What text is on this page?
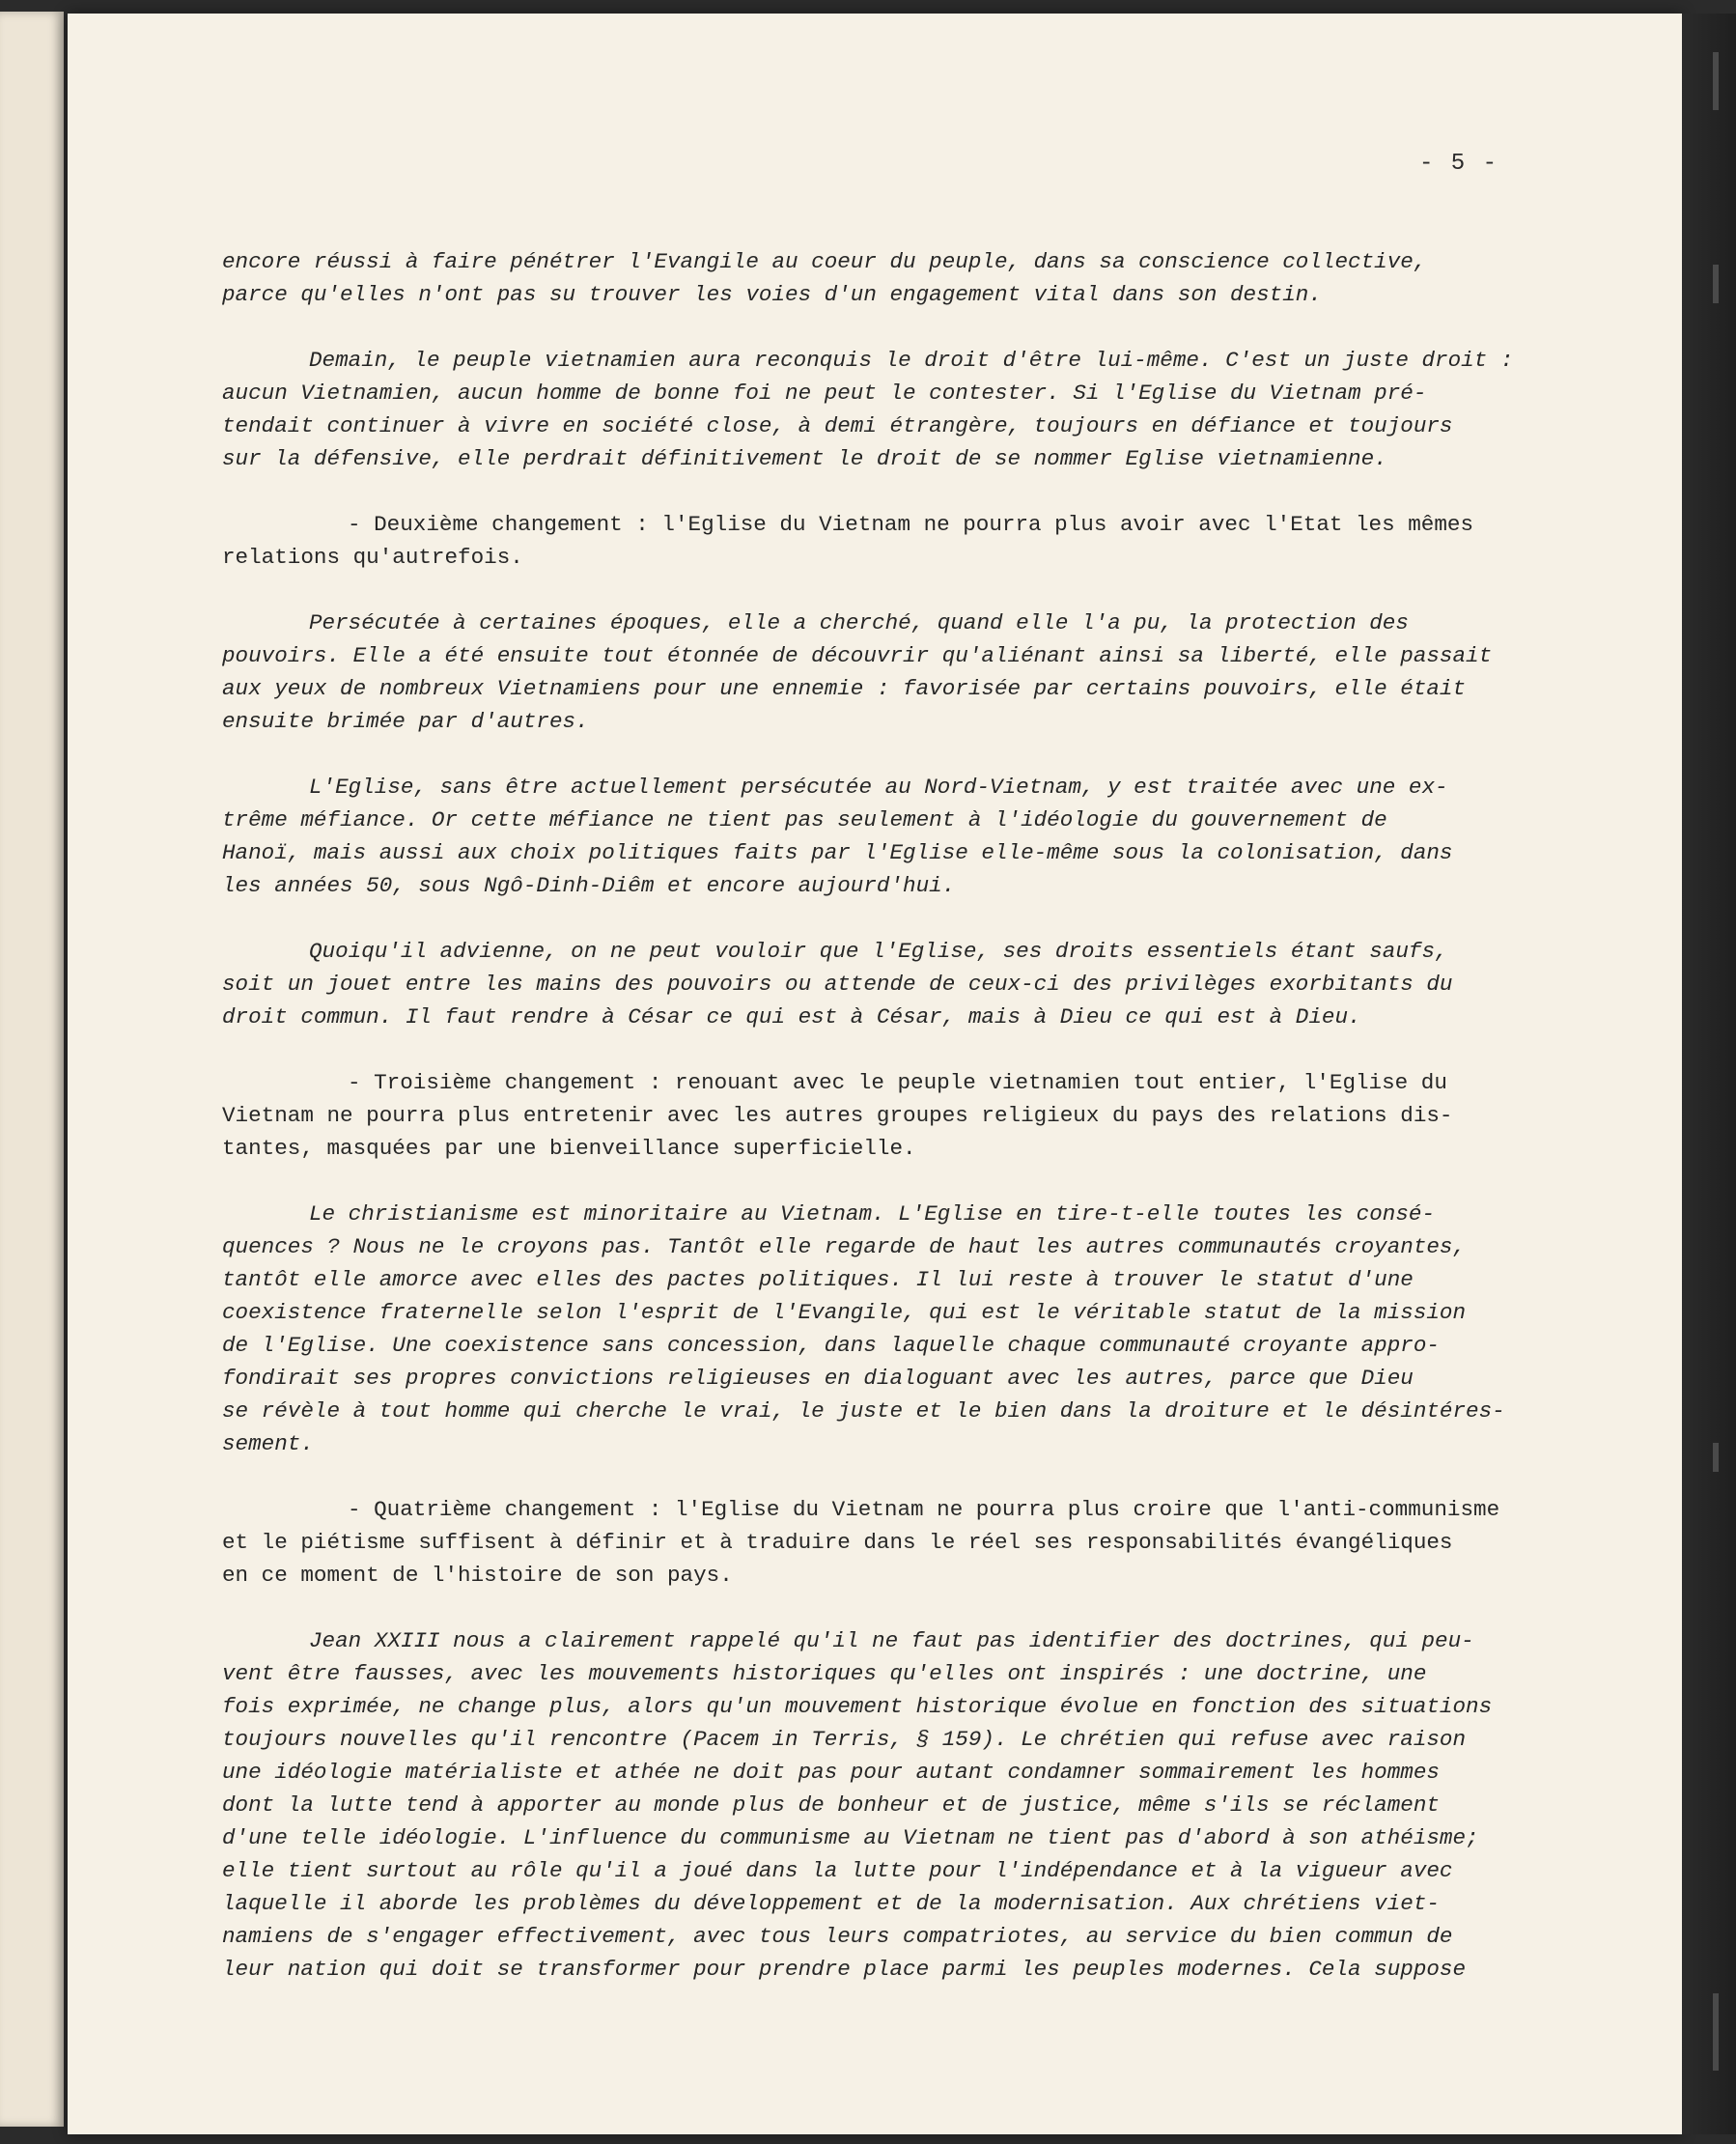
- 5 -

encore réussi à faire pénétrer l'Evangile au coeur du peuple, dans sa conscience collective,
parce qu'elles n'ont pas su trouver les voies d'un engagement vital dans son destin.

Demain, le peuple vietnamien aura reconquis le droit d'être lui-même. C'est un juste droit :
aucun Vietnamien, aucun homme de bonne foi ne peut le contester. Si l'Eglise du Vietnam pré-
tendait continuer à vivre en société close, à demi étrangère, toujours en défiance et toujours
sur la défensive, elle perdrait définitivement le droit de se nommer Eglise vietnamienne.

- Deuxième changement : l'Eglise du Vietnam ne pourra plus avoir avec l'Etat les mêmes
relations qu'autrefois.

Persécutée à certaines époques, elle a cherché, quand elle l'a pu, la protection des
pouvoirs. Elle a été ensuite tout étonnée de découvrir qu'aliénant ainsi sa liberté, elle passait
aux yeux de nombreux Vietnamiens pour une ennemie : favorisée par certains pouvoirs, elle était
ensuite brimée par d'autres.

L'Eglise, sans être actuellement persécutée au Nord-Vietnam, y est traitée avec une ex-
trême méfiance. Or cette méfiance ne tient pas seulement à l'idéologie du gouvernement de
Hanoï, mais aussi aux choix politiques faits par l'Eglise elle-même sous la colonisation, dans
les années 50, sous Ngô-Dinh-Diêm et encore aujourd'hui.

Quoiqu'il advienne, on ne peut vouloir que l'Eglise, ses droits essentiels étant saufs,
soit un jouet entre les mains des pouvoirs ou attende de ceux-ci des privilèges exorbitants du
droit commun. Il faut rendre à César ce qui est à César, mais à Dieu ce qui est à Dieu.

- Troisième changement : renouant avec le peuple vietnamien tout entier, l'Eglise du
Vietnam ne pourra plus entretenir avec les autres groupes religieux du pays des relations dis-
tantes, masquées par une bienveillance superficielle.

Le christianisme est minoritaire au Vietnam. L'Eglise en tire-t-elle toutes les consé-
quences ? Nous ne le croyons pas. Tantôt elle regarde de haut les autres communautés croyantes,
tantôt elle amorce avec elles des pactes politiques. Il lui reste à trouver le statut d'une
coexistence fraternelle selon l'esprit de l'Evangile, qui est le véritable statut de la mission
de l'Eglise. Une coexistence sans concession, dans laquelle chaque communauté croyante appro-
fondirait ses propres convictions religieuses en dialoguant avec les autres, parce que Dieu
se révèle à tout homme qui cherche le vrai, le juste et le bien dans la droiture et le désintéres-
sement.

- Quatrième changement : l'Eglise du Vietnam ne pourra plus croire que l'anti-communisme
et le piétisme suffisent à définir et à traduire dans le réel ses responsabilités évangéliques
en ce moment de l'histoire de son pays.

Jean XXIII nous a clairement rappelé qu'il ne faut pas identifier des doctrines, qui peu-
vent être fausses, avec les mouvements historiques qu'elles ont inspirés : une doctrine, une
fois exprimée, ne change plus, alors qu'un mouvement historique évolue en fonction des situations
toujours nouvelles qu'il rencontre (Pacem in Terris, § 159). Le chrétien qui refuse avec raison
une idéologie matérialiste et athée ne doit pas pour autant condamner sommairement les hommes
dont la lutte tend à apporter au monde plus de bonheur et de justice, même s'ils se réclament
d'une telle idéologie. L'influence du communisme au Vietnam ne tient pas d'abord à son athéisme;
elle tient surtout au rôle qu'il a joué dans la lutte pour l'indépendance et à la vigueur avec
laquelle il aborde les problèmes du développement et de la modernisation. Aux chrétiens viet-
namiens de s'engager effectivement, avec tous leurs compatriotes, au service du bien commun de
leur nation qui doit se transformer pour prendre place parmi les peuples modernes. Cela suppose
